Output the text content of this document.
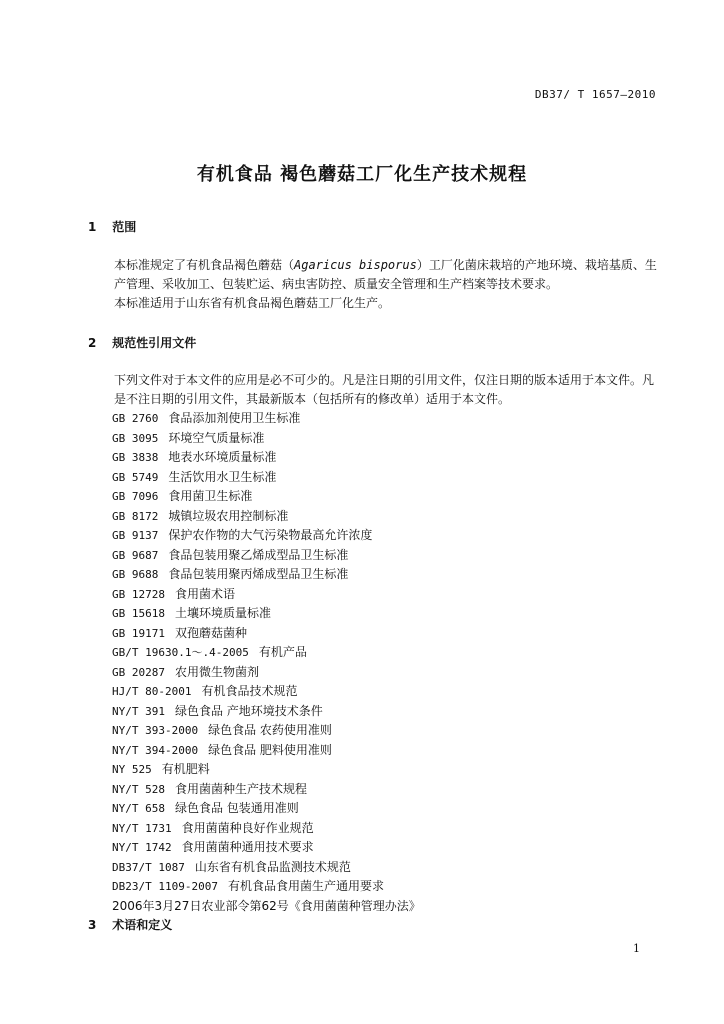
DB37/ T 1657—2010
有机食品 褐色蘑菇工厂化生产技术规程
1 范围
本标准规定了有机食品褐色蘑菇（Agaricus bisporus）工厂化菌床栽培的产地环境、栽培基质、生产管理、采收加工、包装贮运、病虫害防控、质量安全管理和生产档案等技术要求。
本标准适用于山东省有机食品褐色蘑菇工厂化生产。
2 规范性引用文件
下列文件对于本文件的应用是必不可少的。凡是注日期的引用文件，仅注日期的版本适用于本文件。凡是不注日期的引用文件，其最新版本（包括所有的修改单）适用于本文件。
GB 2760 食品添加剂使用卫生标准
GB 3095 环境空气质量标准
GB 3838 地表水环境质量标准
GB 5749 生活饮用水卫生标准
GB 7096 食用菌卫生标准
GB 8172 城镇垃圾农用控制标准
GB 9137 保护农作物的大气污染物最高允许浓度
GB 9687 食品包装用聚乙烯成型品卫生标准
GB 9688 食品包装用聚丙烯成型品卫生标准
GB 12728 食用菌术语
GB 15618 土壤环境质量标准
GB 19171 双孢蘑菇菌种
GB/T 19630.1～.4-2005 有机产品
GB 20287 农用微生物菌剂
HJ/T 80-2001 有机食品技术规范
NY/T 391 绿色食品 产地环境技术条件
NY/T 393-2000 绿色食品 农药使用准则
NY/T 394-2000 绿色食品 肥料使用准则
NY 525 有机肥料
NY/T 528 食用菌菌种生产技术规程
NY/T 658 绿色食品 包装通用准则
NY/T 1731 食用菌菌种良好作业规范
NY/T 1742 食用菌菌种通用技术要求
DB37/T 1087 山东省有机食品监测技术规范
DB23/T 1109-2007 有机食品食用菌生产通用要求
2006年3月27日农业部令第62号《食用菌菌种管理办法》
3 术语和定义
1
